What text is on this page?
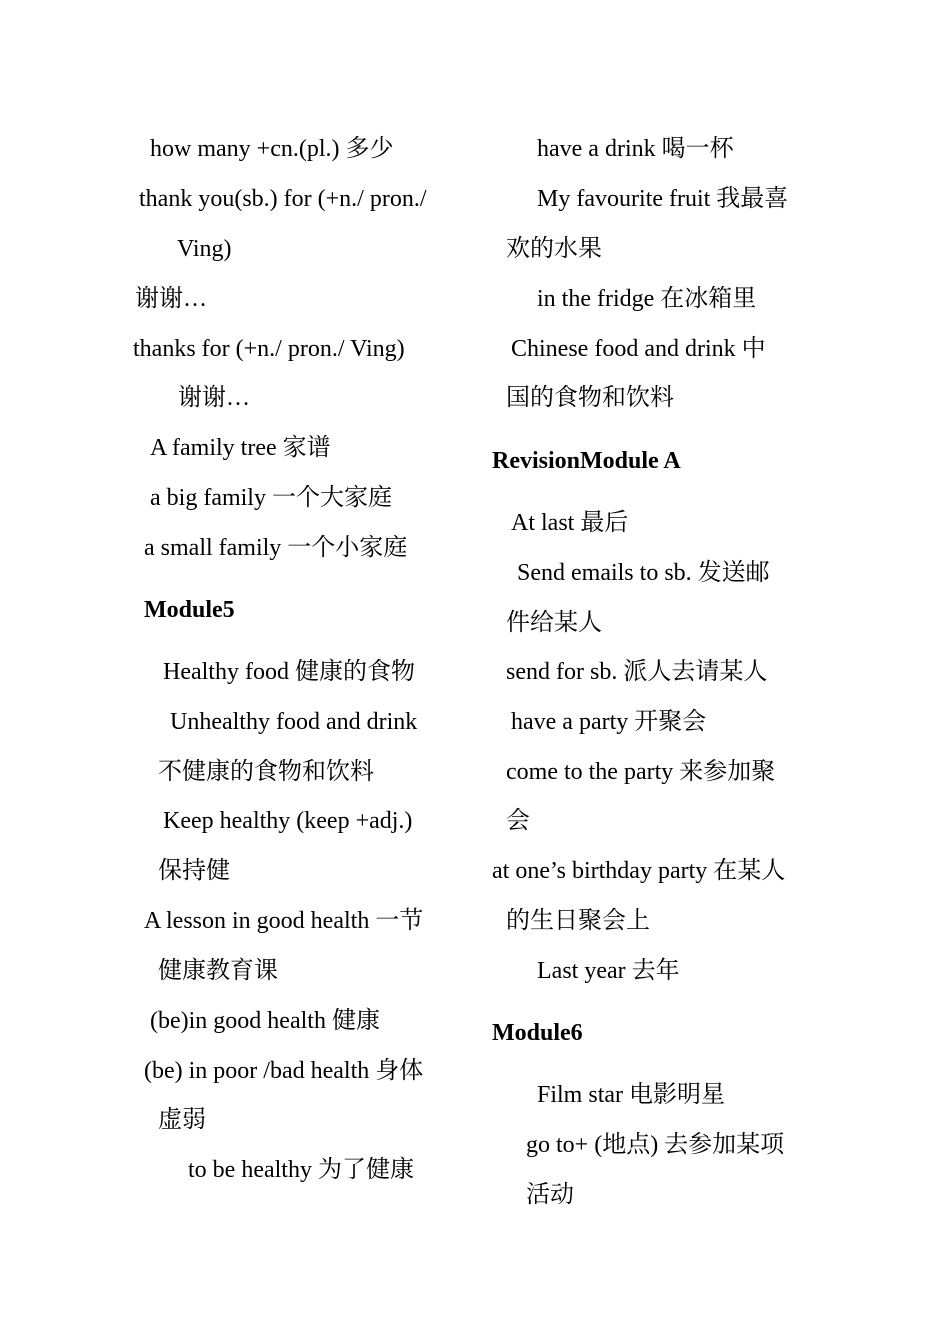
how many +cn.(pl.) 多少
thank you(sb.) for (+n./ pron./
Ving)
谢谢…
thanks for (+n./ pron./ Ving)
谢谢…
A family tree 家谱
a big family 一个大家庭
a small family 一个小家庭
Module5
Healthy food 健康的食物
Unhealthy food and drink
不健康的食物和饮料
Keep healthy (keep +adj.)
保持健
A lesson in good health 一节
健康教育课
(be)in good health 健康
(be) in poor /bad health 身体
虚弱
to be healthy 为了健康
have a drink 喝一杯
My favourite fruit 我最喜
欢的水果
in the fridge 在冰箱里
Chinese food and drink 中
国的食物和饮料
RevisionModule A
At last 最后
Send emails to sb. 发送邮
件给某人
send for sb. 派人去请某人
have a party 开聚会
come to the party 来参加聚
会
at one’s birthday party 在某人
的生日聚会上
Last year 去年
Module6
Film star 电影明星
go to+ (地点) 去参加某项
活动
